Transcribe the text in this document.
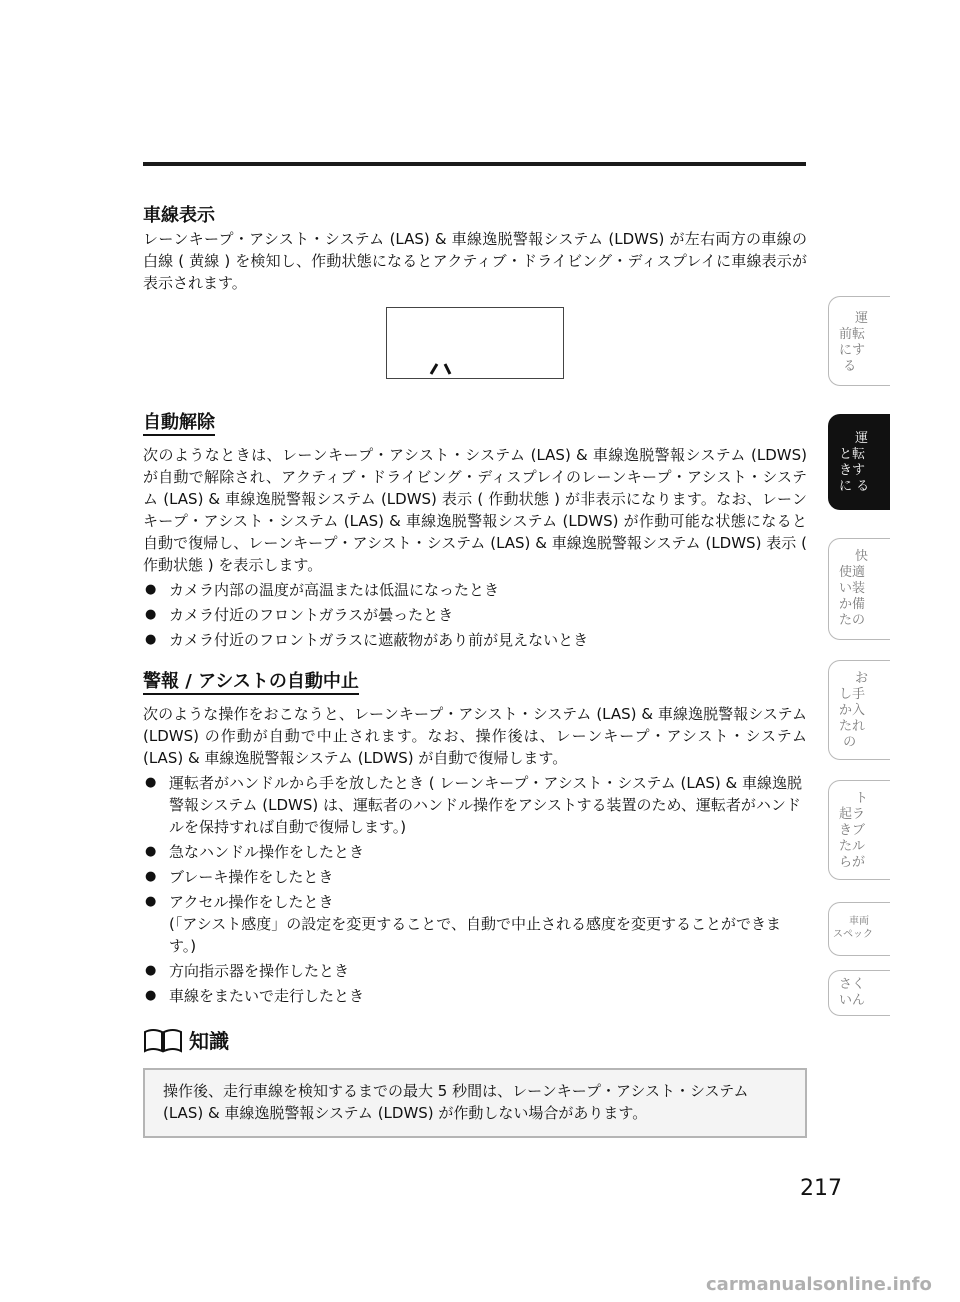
車線表示

レーンキープ・アシスト・システム (LAS) & 車線逸脱警報システム (LDWS) が左右両方の車線の白線 ( 黄線 ) を検知し、作動状態になるとアクティブ・ドライビング・ディスプレイに車線表示が表示されます。

自動解除

次のようなときは、レーンキープ・アシスト・システム (LAS) & 車線逸脱警報システム (LDWS) が自動で解除され、アクティブ・ドライビング・ディスプレイのレーンキープ・アシスト・システム (LAS) & 車線逸脱警報システム (LDWS) 表示 ( 作動状態 ) が非表示になります。なお、レーンキープ・アシスト・システム (LAS) & 車線逸脱警報システム (LDWS) が作動可能な状態になると自動で復帰し、レーンキープ・アシスト・システム (LAS) & 車線逸脱警報システム (LDWS) 表示 ( 作動状態 ) を表示します。

● カメラ内部の温度が高温または低温になったとき
● カメラ付近のフロントガラスが曇ったとき
● カメラ付近のフロントガラスに遮蔽物があり前が見えないとき
警報 / アシストの自動中止

次のような操作をおこなうと、レーンキープ・アシスト・システム (LAS) & 車線逸脱警報システム (LDWS) の作動が自動で中止されます。なお、操作後は、レーンキープ・アシスト・システム (LAS) & 車線逸脱警報システム (LDWS) が自動で復帰します。

● 運転者がハンドルから手を放したとき ( レーンキープ・アシスト・システム (LAS) & 車線逸脱警報システム (LDWS) は、運転者のハンドル操作をアシストする装置のため、運転者がハンドルを保持すれば自動で復帰します。)
● 急なハンドル操作をしたとき
● ブレーキ操作をしたとき
● アクセル操作をしたとき
(「アシスト感度」の設定を変更することで、自動で中止される感度を変更することができます。)
● 方向指示器を操作したとき
● 車線をまたいで走行したとき
知識

操作後、走行車線を検知するまでの最大 5 秒間は、レーンキープ・アシスト・システム (LAS) & 車線逸脱警報システム (LDWS) が作動しない場合があります。

運
前転
にす
る
運
と転
きす
に る
快
使適
い装
か備
たの
お
し手
か入
たれ
の
ト
起ラ
きブ
たル
らが
車両
スペック
さく
いん
217
carmanualsonline.info
